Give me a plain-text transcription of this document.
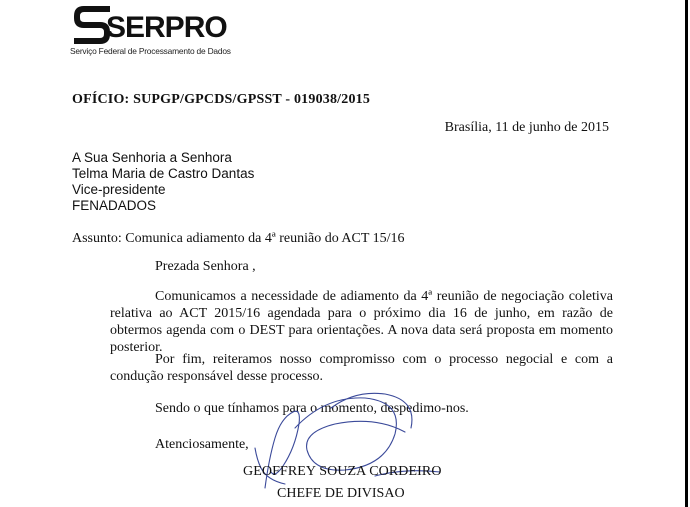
SERPRO
Serviço Federal de Processamento de Dados
OFÍCIO: SUPGP/GPCDS/GPSST - 019038/2015
Brasília, 11 de junho de 2015
A Sua Senhoria a Senhora
Telma Maria de Castro Dantas
Vice-presidente
FENADADOS
Assunto: Comunica adiamento da 4ª reunião do ACT 15/16
Prezada Senhora ,

Comunicamos a necessidade de adiamento da 4ª reunião de negociação coletiva relativa ao ACT 2015/16 agendada para o próximo dia 16 de junho, em razão de obtermos agenda com o DEST para orientações. A nova data será proposta em momento posterior.

Por fim, reiteramos nosso compromisso com o processo negocial e com a condução responsável desse processo.

Sendo o que tínhamos para o momento, despedimo-nos.
Atenciosamente,
GEOFFREY SOUZA CORDEIRO
CHEFE DE DIVISAO
